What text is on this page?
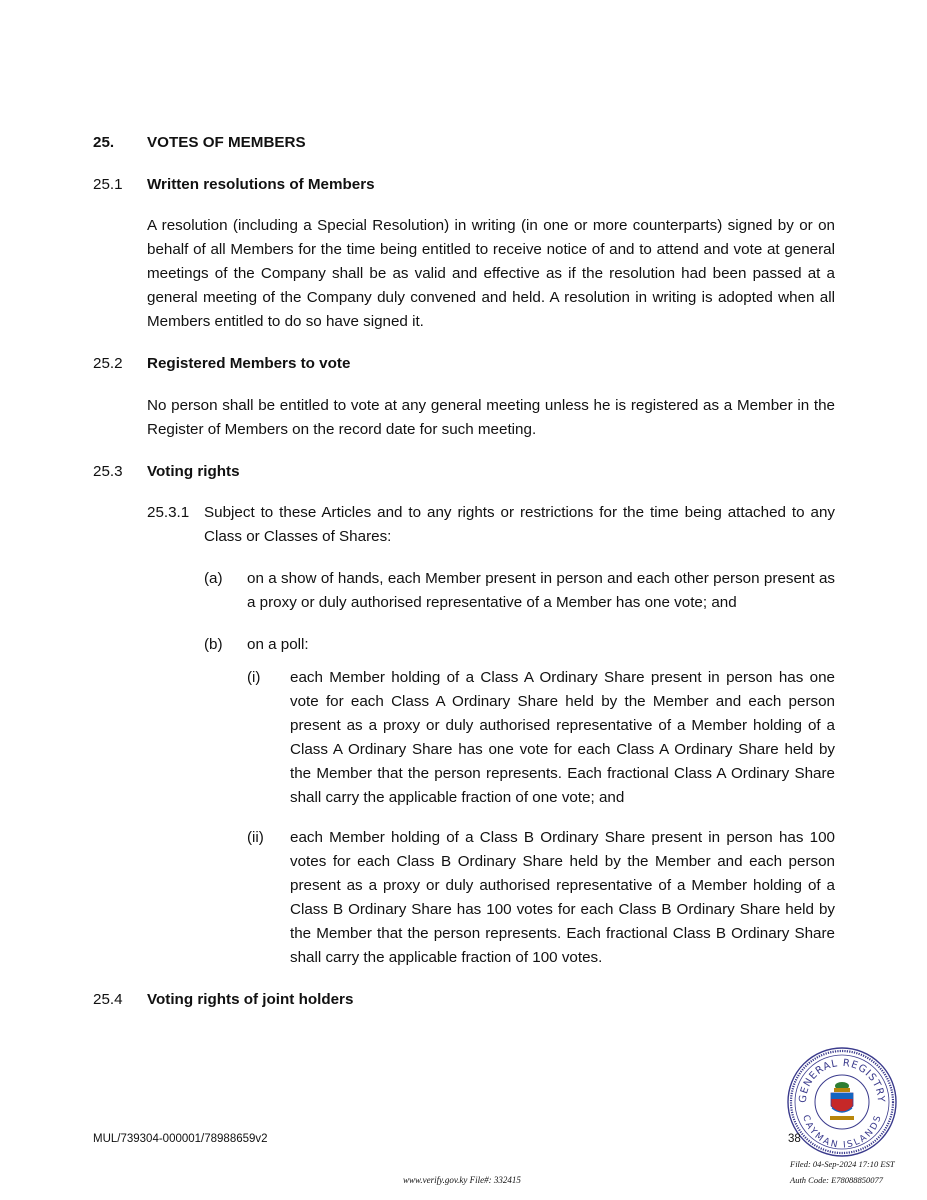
25. VOTES OF MEMBERS
25.1 Written resolutions of Members
A resolution (including a Special Resolution) in writing (in one or more counterparts) signed by or on behalf of all Members for the time being entitled to receive notice of and to attend and vote at general meetings of the Company shall be as valid and effective as if the resolution had been passed at a general meeting of the Company duly convened and held. A resolution in writing is adopted when all Members entitled to do so have signed it.
25.2 Registered Members to vote
No person shall be entitled to vote at any general meeting unless he is registered as a Member in the Register of Members on the record date for such meeting.
25.3 Voting rights
25.3.1 Subject to these Articles and to any rights or restrictions for the time being attached to any Class or Classes of Shares:
(a) on a show of hands, each Member present in person and each other person present as a proxy or duly authorised representative of a Member has one vote; and
(b) on a poll:
(i) each Member holding of a Class A Ordinary Share present in person has one vote for each Class A Ordinary Share held by the Member and each person present as a proxy or duly authorised representative of a Member holding of a Class A Ordinary Share has one vote for each Class A Ordinary Share held by the Member that the person represents. Each fractional Class A Ordinary Share shall carry the applicable fraction of one vote; and
(ii) each Member holding of a Class B Ordinary Share present in person has 100 votes for each Class B Ordinary Share held by the Member and each person present as a proxy or duly authorised representative of a Member holding of a Class B Ordinary Share has 100 votes for each Class B Ordinary Share held by the Member that the person represents. Each fractional Class B Ordinary Share shall carry the applicable fraction of 100 votes.
25.4 Voting rights of joint holders
GENERAL REGISTRY
CAYMAN ISLANDS
MUL/739304-000001/78988659v2	38
Filed: 04-Sep-2024 17:10 EST
Auth Code: E78088850077
www.verify.gov.ky File#: 332415
